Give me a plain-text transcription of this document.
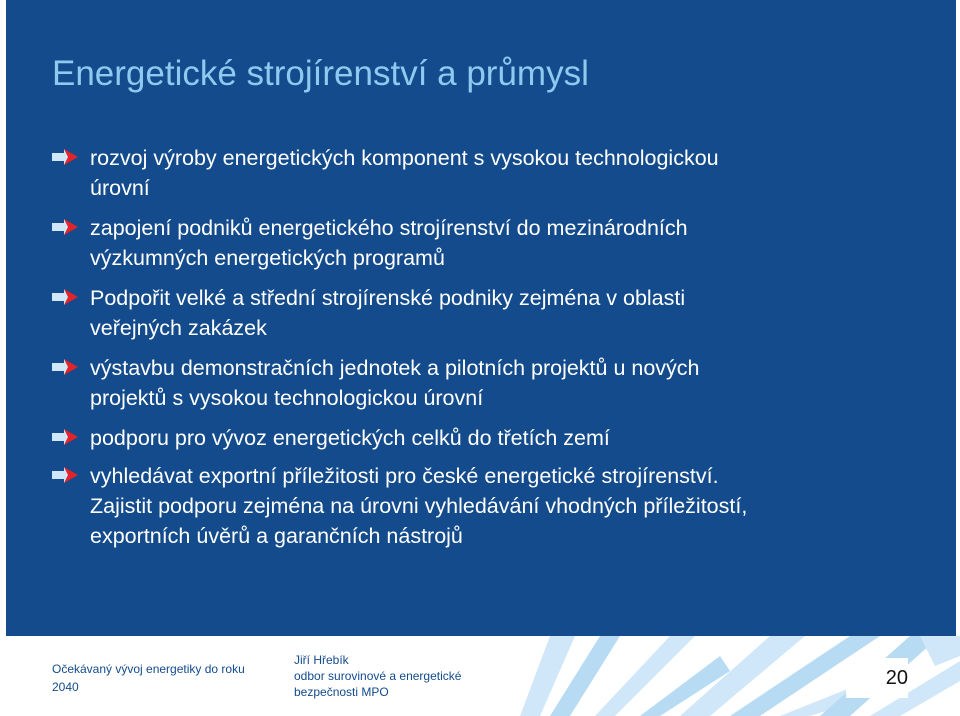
Energetické strojírenství a průmysl
rozvoj výroby energetických komponent s vysokou technologickou
úrovní
zapojení podniků energetického strojírenství do mezinárodních
výzkumných energetických programů
Podpořit velké a střední strojírenské podniky zejména v oblasti
veřejných zakázek
výstavbu demonstračních jednotek a pilotních projektů u nových
projektů s vysokou technologickou úrovní
podporu pro vývoz energetických celků do třetích zemí
vyhledávat exportní příležitosti pro české energetické strojírenství.
Zajistit podporu zejména na úrovni vyhledávání vhodných příležitostí,
exportních úvěrů a garančních nástrojů
Očekávaný vývoj energetiky do roku
2040
Jiří Hřebík
odbor surovinové a energetické
bezpečnosti MPO
20
